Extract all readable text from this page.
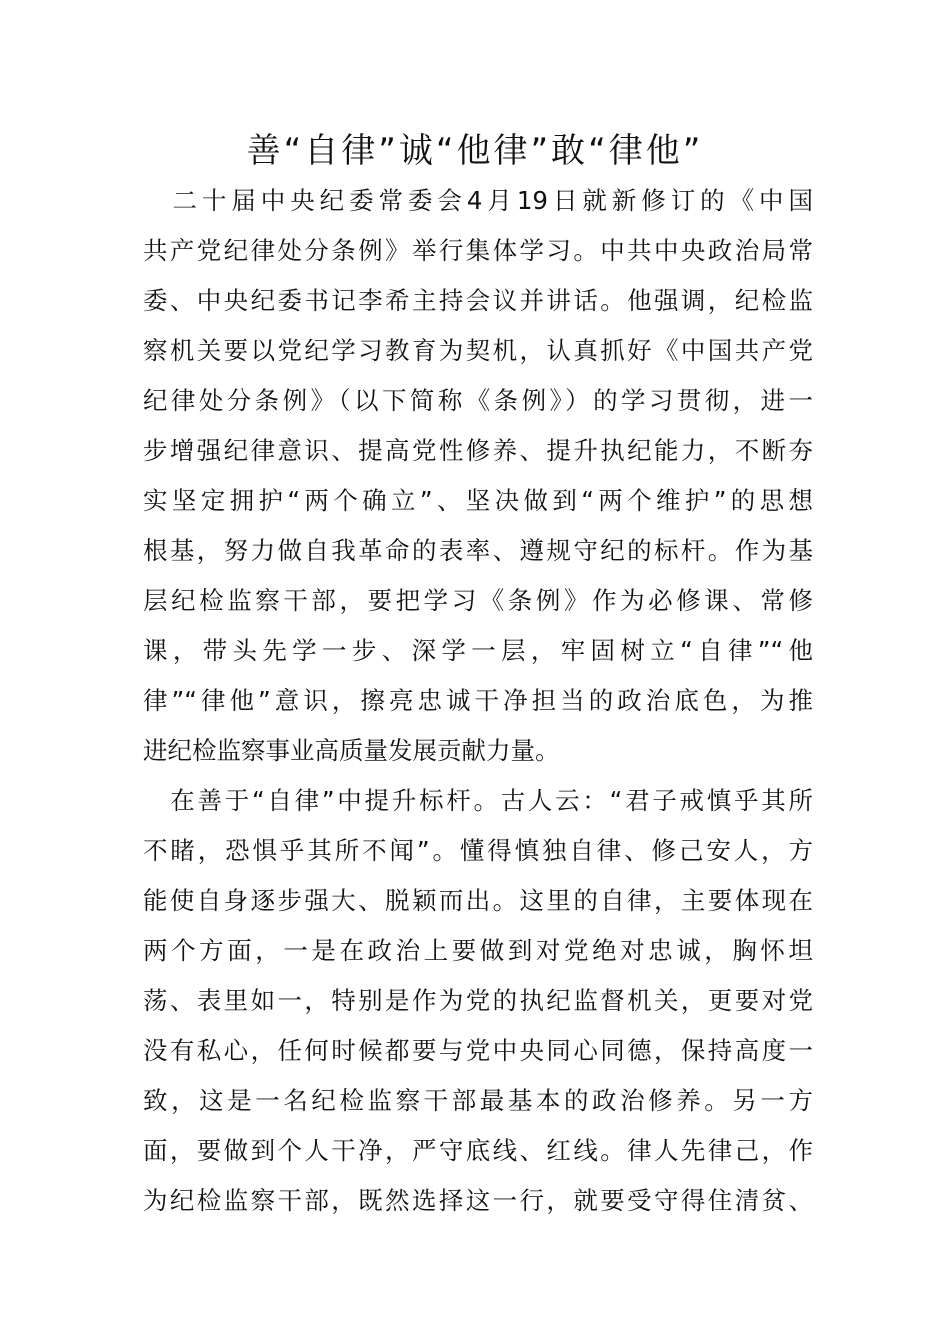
善“自律”诚“他律”敢“律他”
　二十届中央纪委常委会4月19日就新修订的《中国
共产党纪律处分条例》举行集体学习。中共中央政治局常
委、中央纪委书记李希主持会议并讲话。他强调，纪检监
察机关要以党纪学习教育为契机，认真抓好《中国共产党
纪律处分条例》（以下简称《条例》）的学习贯彻，进一
步增强纪律意识、提高党性修养、提升执纪能力，不断夯
实坚定拥护“两个确立”、坚决做到“两个维护”的思想
根基，努力做自我革命的表率、遵规守纪的标杆。作为基
层纪检监察干部，要把学习《条例》作为必修课、常修
课，带头先学一步、深学一层，牢固树立“自律”“他
律”“律他”意识，擦亮忠诚干净担当的政治底色，为推
进纪检监察事业高质量发展贡献力量。
　在善于“自律”中提升标杆。古人云：“君子戒慎乎其所
不睹，恐惧乎其所不闻”。懂得慎独自律、修己安人，方
能使自身逐步强大、脱颖而出。这里的自律，主要体现在
两个方面，一是在政治上要做到对党绝对忠诚，胸怀坦
荡、表里如一，特别是作为党的执纪监督机关，更要对党
没有私心，任何时候都要与党中央同心同德，保持高度一
致，这是一名纪检监察干部最基本的政治修养。另一方
面，要做到个人干净，严守底线、红线。律人先律己，作
为纪检监察干部，既然选择这一行，就要受守得住清贫、
